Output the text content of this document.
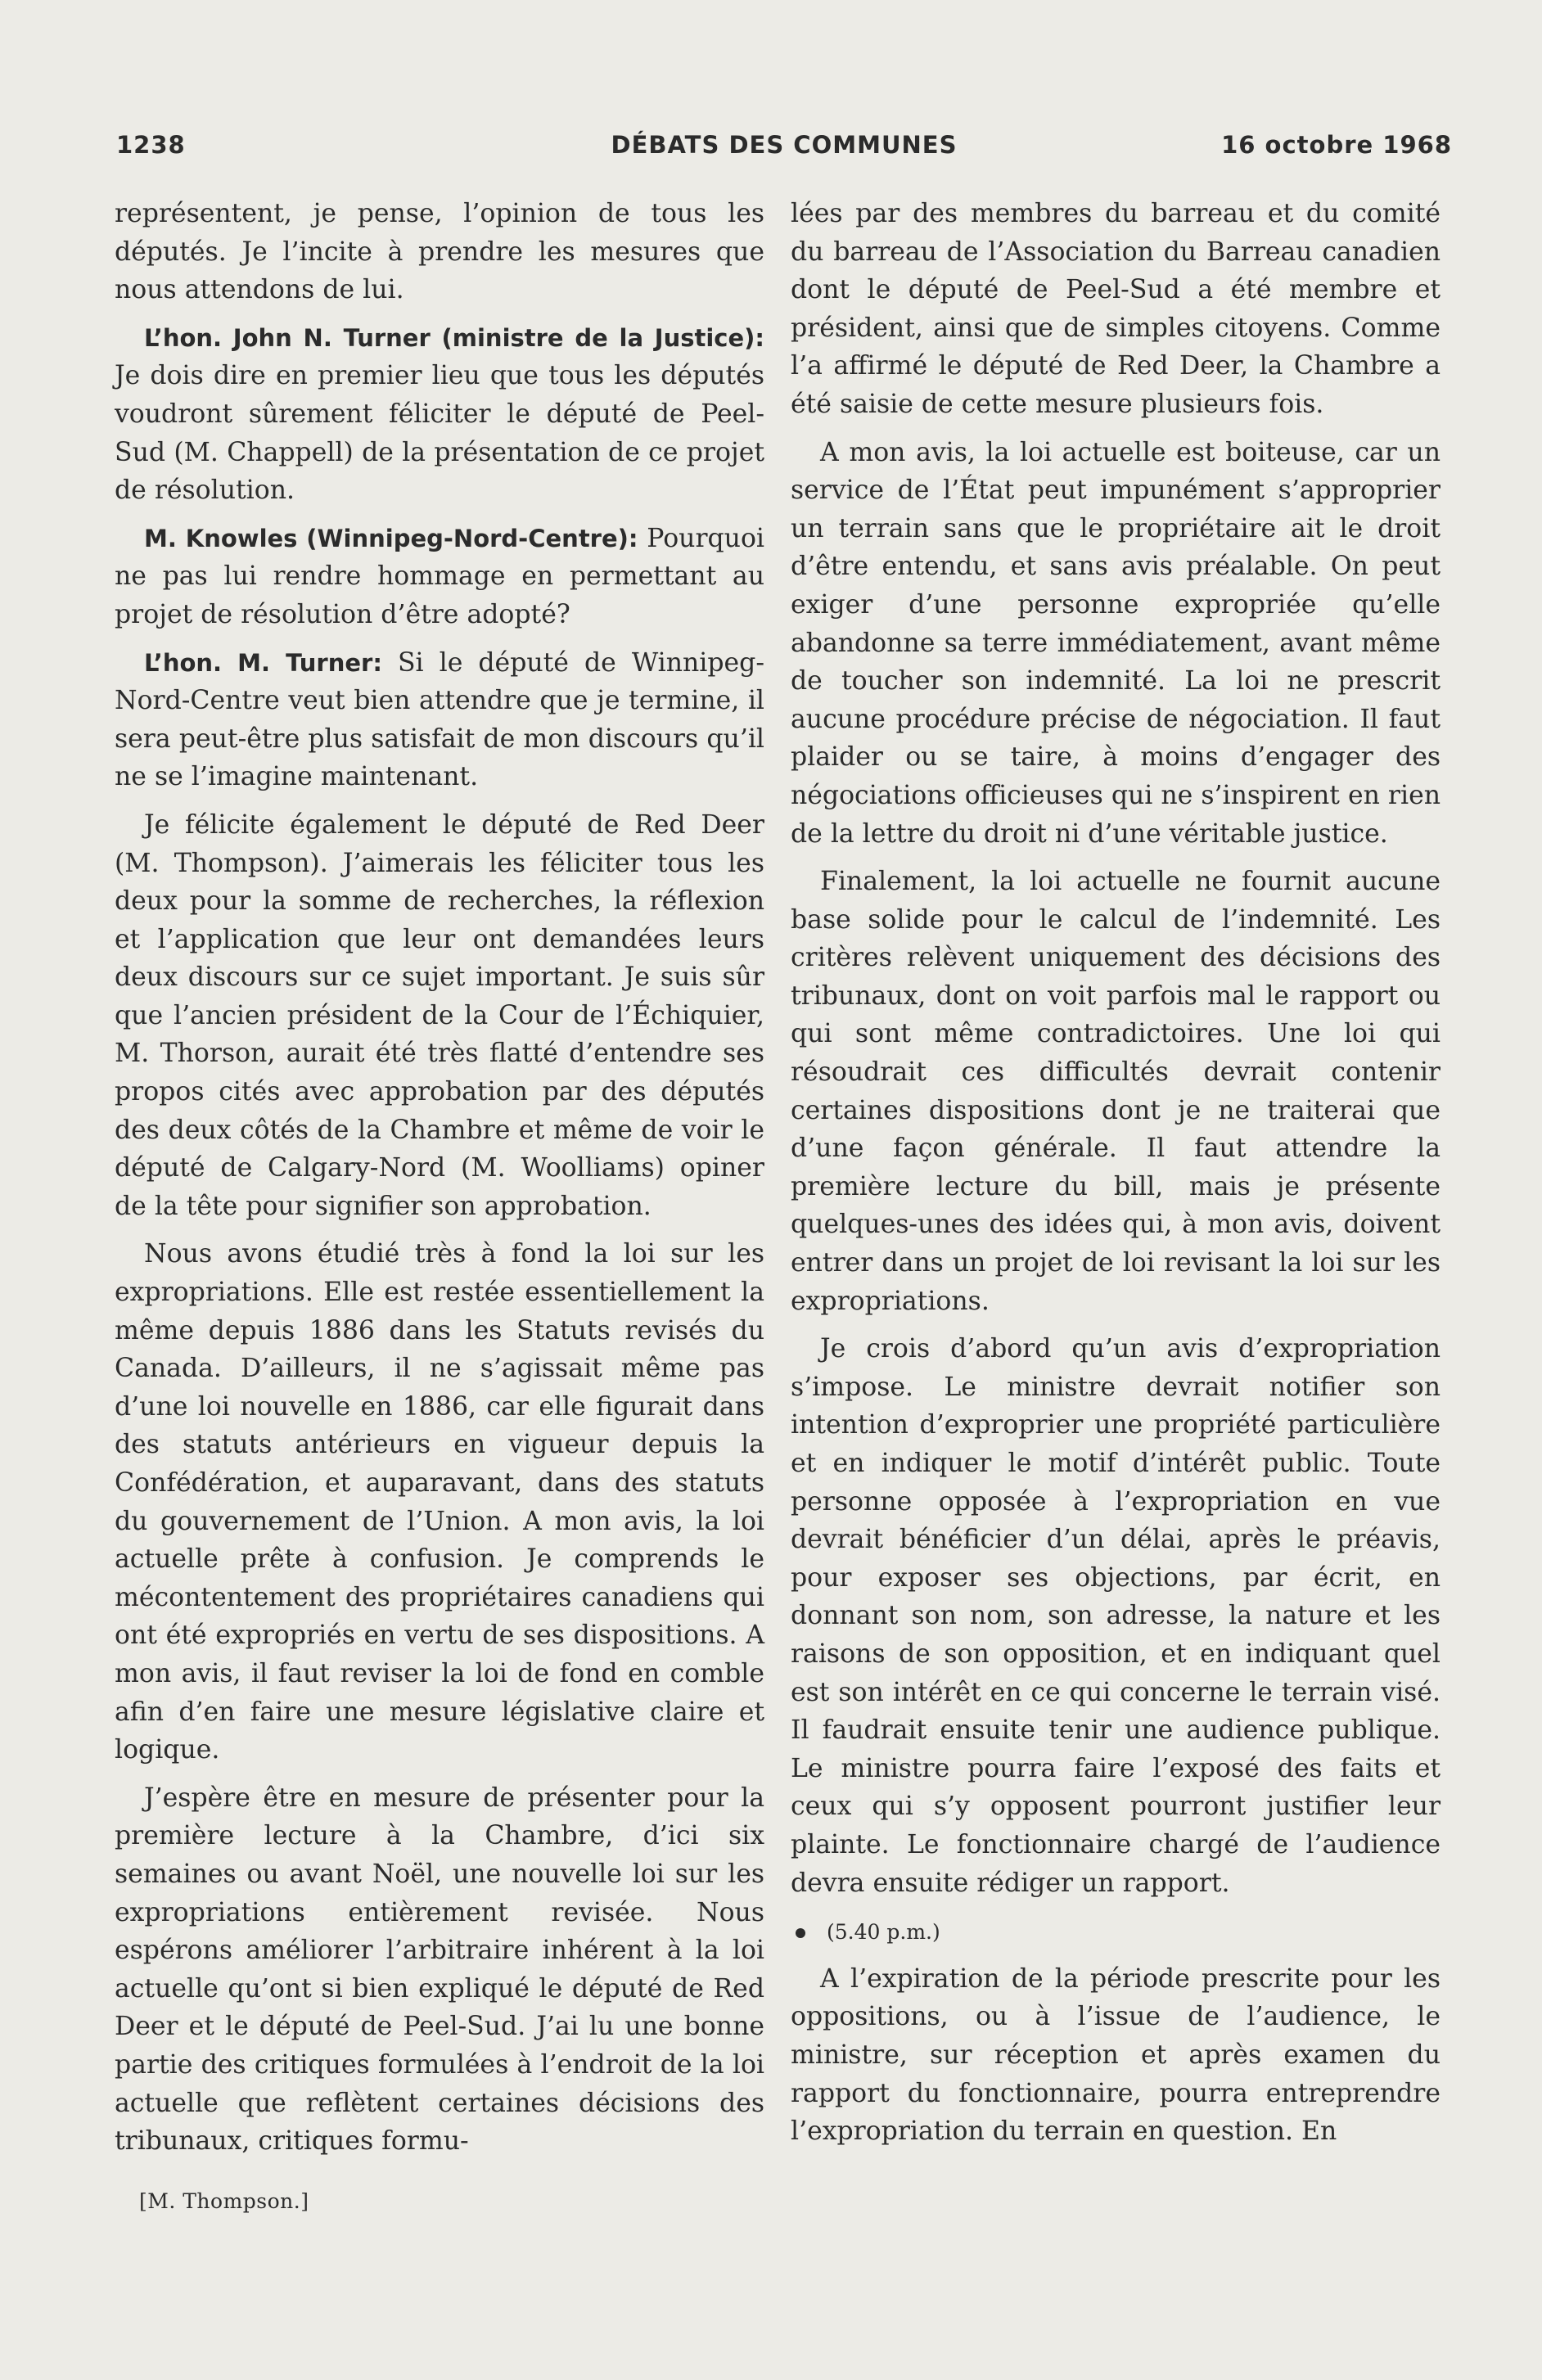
1238	DÉBATS DES COMMUNES	16 octobre 1968

représentent, je pense, l’opinion de tous les députés. Je l’incite à prendre les mesures que nous attendons de lui.

L’hon. John N. Turner (ministre de la Justice): Je dois dire en premier lieu que tous les députés voudront sûrement féliciter le député de Peel-Sud (M. Chappell) de la présentation de ce projet de résolution.

M. Knowles (Winnipeg-Nord-Centre): Pourquoi ne pas lui rendre hommage en permettant au projet de résolution d’être adopté?

L’hon. M. Turner: Si le député de Winnipeg-Nord-Centre veut bien attendre que je termine, il sera peut-être plus satisfait de mon discours qu’il ne se l’imagine maintenant.

Je félicite également le député de Red Deer (M. Thompson). J’aimerais les féliciter tous les deux pour la somme de recherches, la réflexion et l’application que leur ont demandées leurs deux discours sur ce sujet important. Je suis sûr que l’ancien président de la Cour de l’Échiquier, M. Thorson, aurait été très flatté d’entendre ses propos cités avec approbation par des députés des deux côtés de la Chambre et même de voir le député de Calgary-Nord (M. Woolliams) opiner de la tête pour signifier son approbation.

Nous avons étudié très à fond la loi sur les expropriations. Elle est restée essentiellement la même depuis 1886 dans les Statuts revisés du Canada. D’ailleurs, il ne s’agissait même pas d’une loi nouvelle en 1886, car elle figurait dans des statuts antérieurs en vigueur depuis la Confédération, et auparavant, dans des statuts du gouvernement de l’Union. A mon avis, la loi actuelle prête à confusion. Je comprends le mécontentement des propriétaires canadiens qui ont été expropriés en vertu de ses dispositions. A mon avis, il faut reviser la loi de fond en comble afin d’en faire une mesure législative claire et logique.

J’espère être en mesure de présenter pour la première lecture à la Chambre, d’ici six semaines ou avant Noël, une nouvelle loi sur les expropriations entièrement revisée. Nous espérons améliorer l’arbitraire inhérent à la loi actuelle qu’ont si bien expliqué le député de Red Deer et le député de Peel-Sud. J’ai lu une bonne partie des critiques formulées à l’endroit de la loi actuelle que reflètent certaines décisions des tribunaux, critiques formu-

[M. Thompson.]

lées par des membres du barreau et du comité du barreau de l’Association du Barreau canadien dont le député de Peel-Sud a été membre et président, ainsi que de simples citoyens. Comme l’a affirmé le député de Red Deer, la Chambre a été saisie de cette mesure plusieurs fois.

A mon avis, la loi actuelle est boiteuse, car un service de l’État peut impunément s’approprier un terrain sans que le propriétaire ait le droit d’être entendu, et sans avis préalable. On peut exiger d’une personne expropriée qu’elle abandonne sa terre immédiatement, avant même de toucher son indemnité. La loi ne prescrit aucune procédure précise de négociation. Il faut plaider ou se taire, à moins d’engager des négociations officieuses qui ne s’inspirent en rien de la lettre du droit ni d’une véritable justice.

Finalement, la loi actuelle ne fournit aucune base solide pour le calcul de l’indemnité. Les critères relèvent uniquement des décisions des tribunaux, dont on voit parfois mal le rapport ou qui sont même contradictoires. Une loi qui résoudrait ces difficultés devrait contenir certaines dispositions dont je ne traiterai que d’une façon générale. Il faut attendre la première lecture du bill, mais je présente quelques-unes des idées qui, à mon avis, doivent entrer dans un projet de loi revisant la loi sur les expropriations.

Je crois d’abord qu’un avis d’expropriation s’impose. Le ministre devrait notifier son intention d’exproprier une propriété particulière et en indiquer le motif d’intérêt public. Toute personne opposée à l’expropriation en vue devrait bénéficier d’un délai, après le préavis, pour exposer ses objections, par écrit, en donnant son nom, son adresse, la nature et les raisons de son opposition, et en indiquant quel est son intérêt en ce qui concerne le terrain visé. Il faudrait ensuite tenir une audience publique. Le ministre pourra faire l’exposé des faits et ceux qui s’y opposent pourront justifier leur plainte. Le fonctionnaire chargé de l’audience devra ensuite rédiger un rapport.

(5.40 p.m.)

A l’expiration de la période prescrite pour les oppositions, ou à l’issue de l’audience, le ministre, sur réception et après examen du rapport du fonctionnaire, pourra entreprendre l’expropriation du terrain en question. En
